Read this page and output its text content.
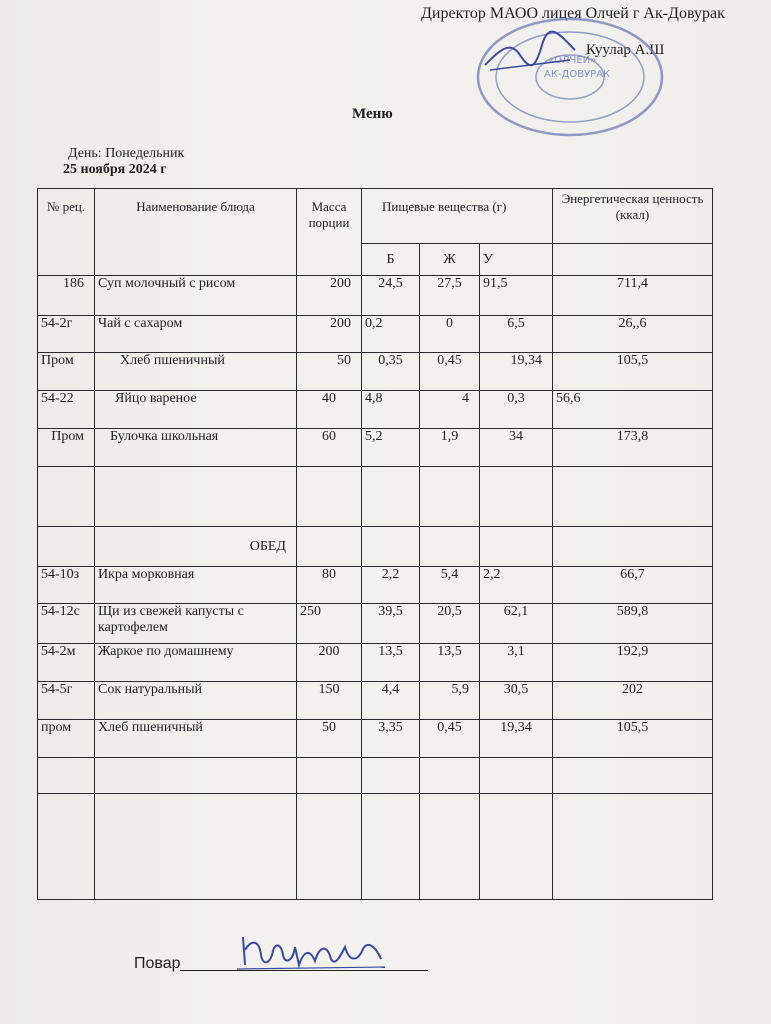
Директор МАОО лицея Олчей г Ак-Довурак
Куулар А.Ш
«ОЛЧЕЙ»
АК-ДОВУРАК
Меню
День: Понедельник
25 ноября 2024 г
№ рец.	Наименование блюда	Масса порции	Пищевые вещества (г)			Энергетическая ценность (ккал)
			Б	Ж	У	
186	Суп молочный с рисом	200	24,5	27,5	91,5	711,4
54-2г	Чай с сахаром	200	0,2	0	6,5	26,,6
Пром	Хлеб пшеничный	50	0,35	0,45	19,34	105,5
54-22	Яйцо вареное	40	4,8	4	0,3	56,6
Пром	Булочка школьная	60	5,2	1,9	34	173,8

	ОБЕД					
54-10з	Икра морковная	80	2,2	5,4	2,2	66,7
54-12с	Щи из свежей капусты с картофелем	250	39,5	20,5	62,1	589,8
54-2м	Жаркое по домашнему	200	13,5	13,5	3,1	192,9
54-5г	Сок натуральный	150	4,4	5,9	30,5	202
пром	Хлеб пшеничный	50	3,35	0,45	19,34	105,5

Повар
